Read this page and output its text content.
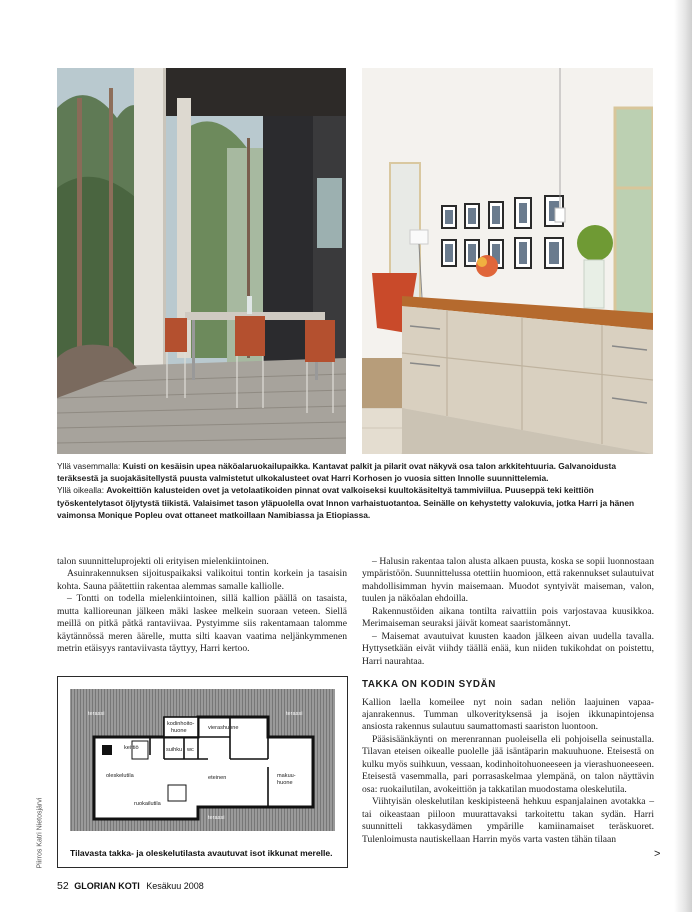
Yllä vasemmalla: Kuisti on kesäisin upea näköalaruokailupaikka. Kantavat palkit ja pilarit ovat näkyvä osa talon arkkitehtuuria. Galvanoidusta teräksestä ja suojakäsitellystä puusta valmistetut ulkokalusteet ovat Harri Korhosen jo vuosia sitten Innolle suunnittelemia.

Yllä oikealla: Avokeittiön kalusteiden ovet ja vetolaatikoiden pinnat ovat valkoiseksi kuultokäsiteltyä tammiviilua. Puuseppä teki keittiön työskentelytasot öljytystä tiikistä. Valaisimet tason yläpuolella ovat Innon varhaistuotantoa. Seinälle on kehystetty valokuvia, jotka Harri ja hänen vaimonsa Monique Popleu ovat ottaneet matkoillaan Namibiassa ja Etiopiassa.

talon suunnitteluprojekti oli erityisen mielenkiintoinen.

Asuinrakennuksen sijoituspaikaksi valikoitui tontin korkein ja tasaisin kohta. Sauna päätettiin rakentaa alemmas samalle kalliolle.

– Tontti on todella mielenkiintoinen, sillä kallion päällä on tasaista, mutta kallioreunan jälkeen mäki laskee melkein suoraan veteen. Siellä meillä on pitkä pätkä rantaviivaa. Pystyimme siis rakentamaan talomme käytännössä meren äärelle, mutta silti kaavan vaatima neljänkymmenen metrin etäisyys rantaviivasta täyttyy, Harri kertoo.

– Halusin rakentaa talon alusta alkaen puusta, koska se sopii luonnostaan ympäristöön. Suunnittelussa otettiin huomioon, että rakennukset sulautuivat mahdollisimman hyvin maisemaan. Muodot syntyivät maiseman, valon, tuulen ja näköalan ehdoilla.

Rakennustöiden aikana tontilta raivattiin pois varjostavaa kuusikkoa. Merimaiseman seuraksi jäivät komeat saaristomännyt.

– Maisemat avautuivat kuusten kaadon jälkeen aivan uudella tavalla. Hyttysetkään eivät viihdy täällä enää, kun niiden tukikohdat on poistettu, Harri naurahtaa.

TAKKA ON KODIN SYDÄN

Kallion laella komeilee nyt noin sadan neliön laajuinen vapaa-ajanrakennus. Tumman ulkoverityksensä ja isojen ikkunapintojensa ansiosta rakennus sulautuu saumattomasti saariston luontoon.

Pääsisäänkäynti on merenrannan puoleisella eli pohjoisella seinustalla. Tilavan eteisen oikealle puolelle jää isäntäparin makuuhuone. Eteisestä on kulku myös suihkuun, vessaan, kodinhoitohuoneeseen ja vierashuoneeseen. Eteisestä vasemmalla, pari porrasaskelmaa ylempänä, on talon näyttävin osa: ruokailutilan, avokeittiön ja takkatilan muodostama oleskelutila.

Viihtyisän oleskelutilan keskipisteenä hehkuu espanjalainen avotakka – tai oikeastaan piiloon muurattavaksi tarkoitettu takan sydän. Harri suunnitteli takkasydämen ympärille kamiinamaiset teräskuoret. Tulenloimusta nautiskellaan Harrin myös varta vasten tähän tilaan

>
terassi	terassi
terassi
kodinhoito-
huone	vierashuone
keittiö	suihku wc
oleskelutila	eteinen	makuu-
huone
ruokailutila
Tilavasta takka- ja oleskelutilasta avautuvat isot ikkunat merelle.
Piirros Katri Nietosjärvi
52 GLORIAN KOTI Kesäkuu 2008
